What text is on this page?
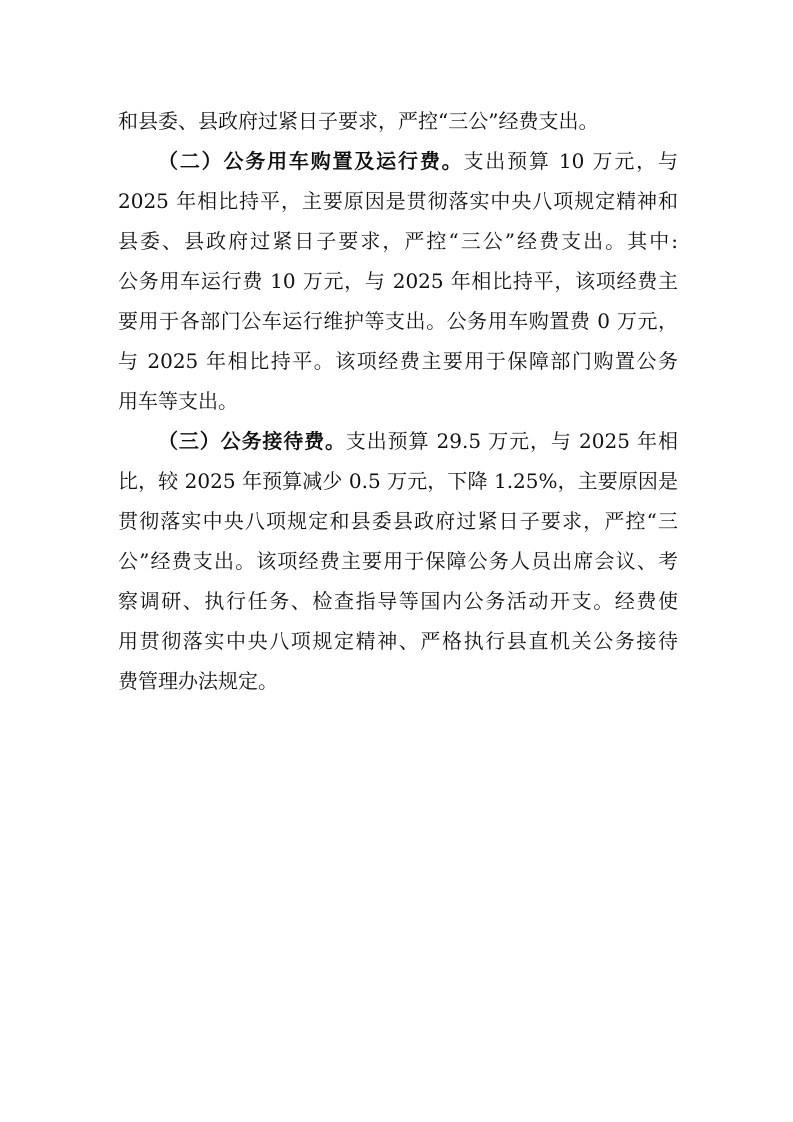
和县委、县政府过紧日子要求，严控“三公”经费支出。
（二）公务用车购置及运行费。支出预算 10 万元，与
2025 年相比持平，主要原因是贯彻落实中央八项规定精神和
县委、县政府过紧日子要求，严控“三公”经费支出。其中:
公务用车运行费 10 万元，与 2025 年相比持平，该项经费主
要用于各部门公车运行维护等支出。公务用车购置费 0 万元，
与 2025 年相比持平。该项经费主要用于保障部门购置公务
用车等支出。
（三）公务接待费。支出预算 29.5 万元，与 2025 年相
比，较 2025 年预算减少 0.5 万元，下降 1.25%，主要原因是
贯彻落实中央八项规定和县委县政府过紧日子要求，严控“三
公”经费支出。该项经费主要用于保障公务人员出席会议、考
察调研、执行任务、检查指导等国内公务活动开支。经费使
用贯彻落实中央八项规定精神、严格执行县直机关公务接待
费管理办法规定。
